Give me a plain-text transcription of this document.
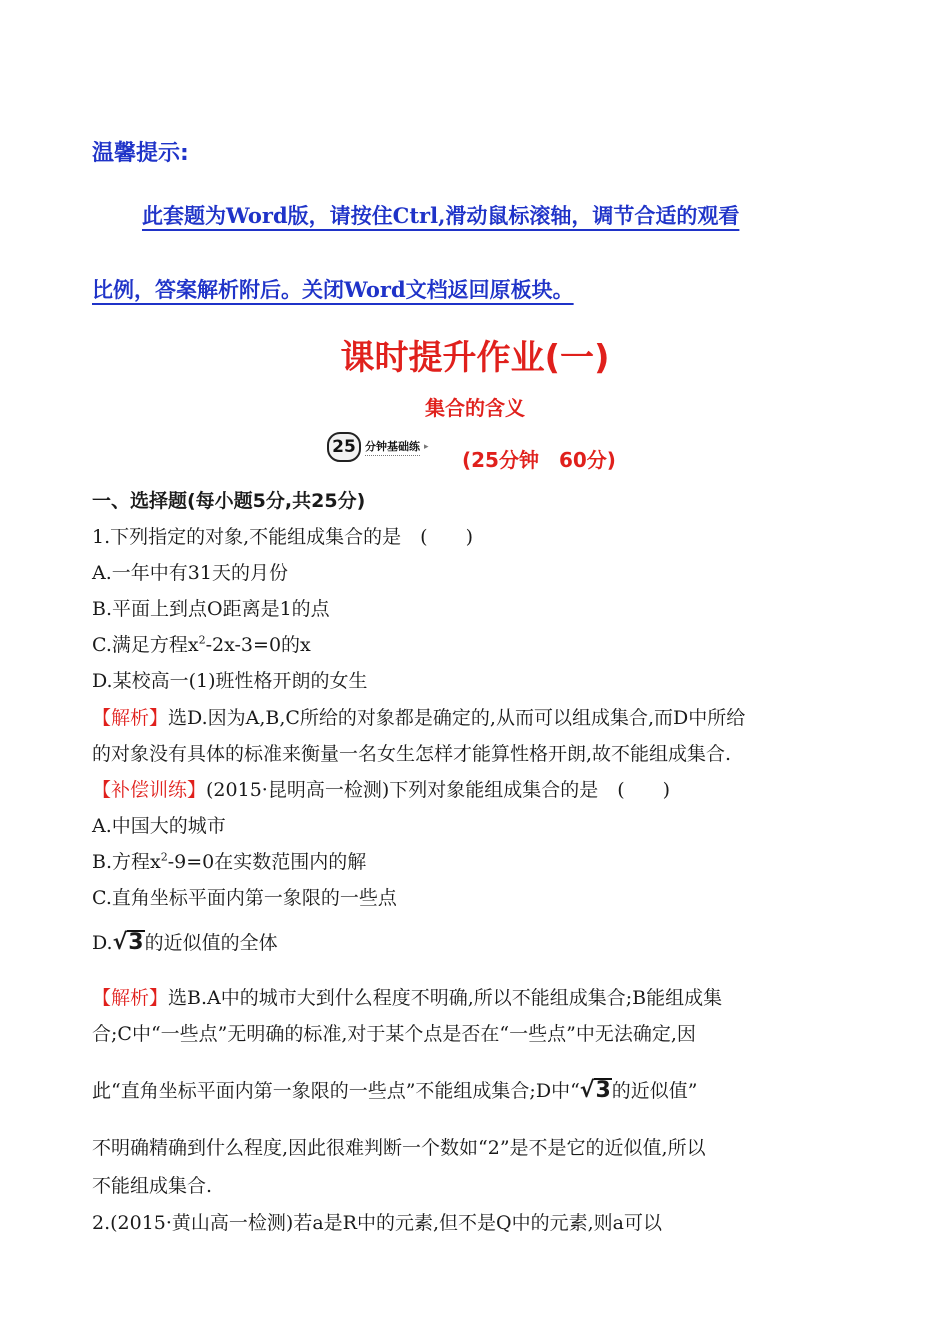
温馨提示:
此套题为Word版，请按住Ctrl,滑动鼠标滚轴，调节合适的观看
比例，答案解析附后。关闭Word文档返回原板块。
课时提升作业(一)
集合的含义
25 分钟基础练 ▸
(25分钟　60分)
一、选择题(每小题5分,共25分)
1.下列指定的对象,不能组成集合的是　(　　)
A.一年中有31天的月份
B.平面上到点O距离是1的点
C.满足方程$x^2-2x-3=0$的x
D.某校高一(1)班性格开朗的女生
【解析】选D.因为A,B,C所给的对象都是确定的,从而可以组成集合,而D中所给
的对象没有具体的标准来衡量一名女生怎样才能算性格开朗,故不能组成集合.
【补偿训练】(2015·昆明高一检测)下列对象能组成集合的是　(　　)
A.中国大的城市
B.方程$x^2-9=0$在实数范围内的解
C.直角坐标平面内第一象限的一些点
D. √ 3 的近似值的全体
【解析】选B.A中的城市大到什么程度不明确,所以不能组成集合;B能组成集
合;C中“一些点”无明确的标准,对于某个点是否在“一些点”中无法确定,因
此“直角坐标平面内第一象限的一些点”不能组成集合;D中“ √ 3 的近似值”
不明确精确到什么程度,因此很难判断一个数如“2”是不是它的近似值,所以
不能组成集合.
2.(2015·黄山高一检测)若a是R中的元素,但不是Q中的元素,则a可以
